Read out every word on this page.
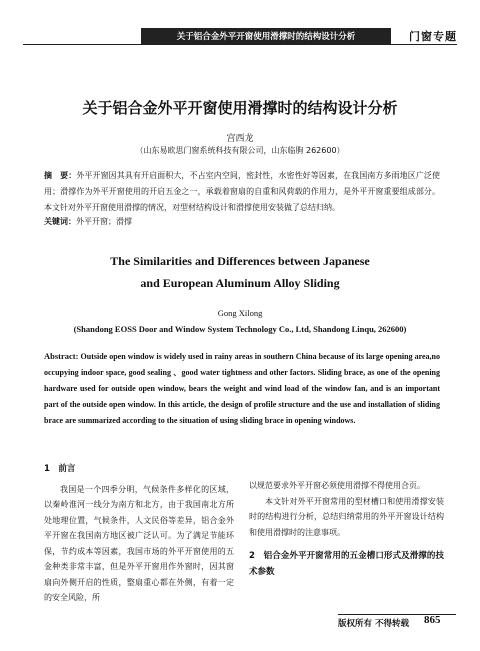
关于铝合金外平开窗使用滑撑时的结构设计分析	门窗专题
关于铝合金外平开窗使用滑撑时的结构设计分析
宫西龙
（山东易欧思门窗系统科技有限公司，山东临朐 262600）
摘　要：外平开窗因其具有开启面积大，不占室内空间，密封性，水密性好等因素，在我国南方多雨地区广泛使用；滑撑作为外平开窗使用的开启五金之一，承载着窗扇的自重和风荷载的作用力，是外平开窗重要组成部分。本文针对外平开窗使用滑撑的情况，对型材结构设计和滑撑使用安装做了总结归纳。
关键词：外平开窗；滑撑
The Similarities and Differences between Japanese
and European Aluminum Alloy Sliding
Gong Xilong
(Shandong EOSS Door and Window System Technology Co., Ltd, Shandong Linqu, 262600)
Abstract: Outside open window is widely used in rainy areas in southern China because of its large opening area,no occupying indoor space, good sealing 、good water tightness and other factors. Sliding brace, as one of the opening hardware used for outside open window, bears the weight and wind load of the window fan, and is an important part of the outside open window. In this article, the design of profile structure and the use and installation of sliding brace are summarized according to the situation of using sliding brace in opening windows.
1　前言
我国是一个四季分明，气候条件多样化的区域，以秦岭淮河一线分为南方和北方，由于我国南北方所处地理位置，气候条件，人文民俗等差异，铝合金外平开窗在我国南方地区被广泛认可。为了满足节能环保，节约成本等因素，我国市场的外平开窗使用的五金种类非常丰富，但是外平开窗用作外窗时，因其窗扇向外侧开启的性质，整扇重心都在外侧，有着一定的安全风险，所
以规范要求外平开窗必须使用滑撑不得使用合页。
本文针对外平开窗常用的型材槽口和使用滑撑安装时的结构进行分析，总结归纳常用的外平开窗设计结构和使用滑撑时的注意事项。
2　铝合金外平开窗常用的五金槽口形式及滑撑的技术参数
版权所有 不得转载 865
